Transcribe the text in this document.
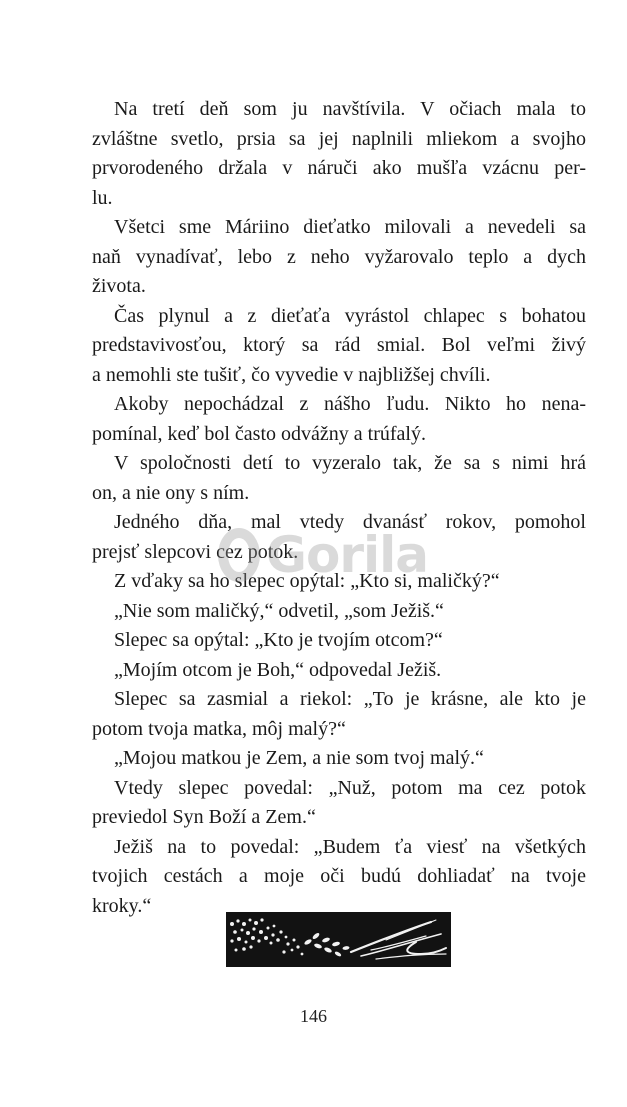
Na tretí deň som ju navštívila. V očiach mala to
zvláštne svetlo, prsia sa jej naplnili mliekom a svojho
prvorodeného držala v náruči ako mušľa vzácnu per-
lu.
Všetci sme Máriino dieťatko milovali a nevedeli sa
naň vynadívať, lebo z neho vyžarovalo teplo a dych
života.
Čas plynul a z dieťaťa vyrástol chlapec s bohatou
predstavivosťou, ktorý sa rád smial. Bol veľmi živý
a nemohli ste tušiť, čo vyvedie v najbližšej chvíli.
Akoby nepochádzal z nášho ľudu. Nikto ho nena-
pomínal, keď bol často odvážny a trúfalý.
V spoločnosti detí to vyzeralo tak, že sa s nimi hrá
on, a nie ony s ním.
Jedného dňa, mal vtedy dvanásť rokov, pomohol
prejsť slepcovi cez potok.
Z vďaky sa ho slepec opýtal: „Kto si, maličký?“
„Nie som maličký,“ odvetil, „som Ježiš.“
Slepec sa opýtal: „Kto je tvojím otcom?“
„Mojím otcom je Boh,“ odpovedal Ježiš.
Slepec sa zasmial a riekol: „To je krásne, ale kto je
potom tvoja matka, môj malý?“
„Mojou matkou je Zem, a nie som tvoj malý.“
Vtedy slepec povedal: „Nuž, potom ma cez potok
previedol Syn Boží a Zem.“
Ježiš na to povedal: „Budem ťa viesť na všetkých
tvojich cestách a moje oči budú dohliadať na tvoje
kroky.“
Gorila
146
